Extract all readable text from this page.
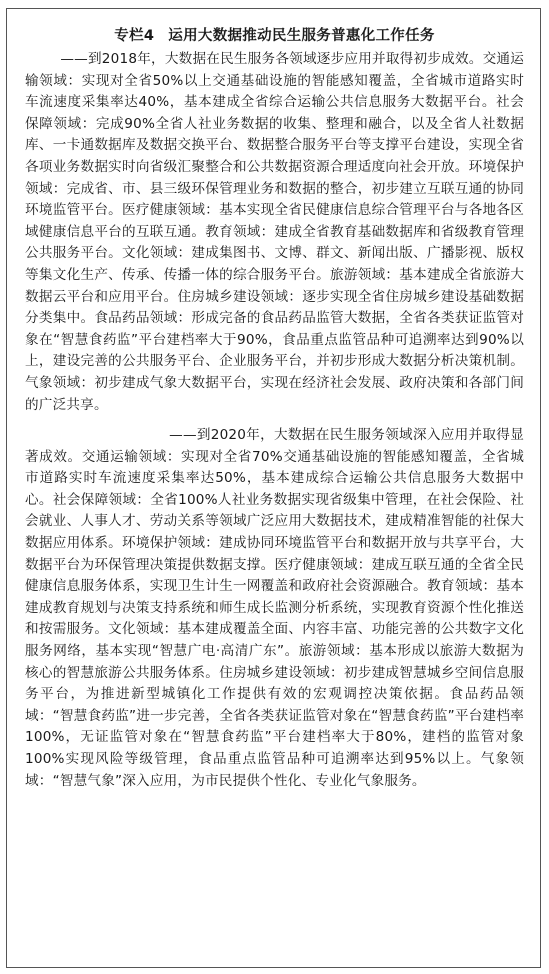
专栏4 运用大数据推动民生服务普惠化工作任务

——到2018年，大数据在民生服务各领域逐步应用并取得初步成效。交通运输领域：实现对全省50%以上交通基础设施的智能感知覆盖，全省城市道路实时车流速度采集率达40%，基本建成全省综合运输公共信息服务大数据平台。社会保障领域：完成90%全省人社业务数据的收集、整理和融合，以及全省人社数据库、一卡通数据库及数据交换平台、数据整合服务平台等支撑平台建设，实现全省各项业务数据实时向省级汇聚整合和公共数据资源合理适度向社会开放。环境保护领域：完成省、市、县三级环保管理业务和数据的整合，初步建立互联互通的协同环境监管平台。医疗健康领域：基本实现全省民健康信息综合管理平台与各地各区域健康信息平台的互联互通。教育领域：建成全省教育基础数据库和省级教育管理公共服务平台。文化领域：建成集图书、文博、群文、新闻出版、广播影视、版权等集文化生产、传承、传播一体的综合服务平台。旅游领域：基本建成全省旅游大数据云平台和应用平台。住房城乡建设领域：逐步实现全省住房城乡建设基础数据分类集中。食品药品领域：形成完备的食品药品监管大数据，全省各类获证监管对象在“智慧食药监”平台建档率大于90%，食品重点监管品种可追溯率达到90%以上，建设完善的公共服务平台、企业服务平台，并初步形成大数据分析决策机制。气象领域：初步建成气象大数据平台，实现在经济社会发展、政府决策和各部门间的广泛共享。

——到2020年，大数据在民生服务领域深入应用并取得显著成效。交通运输领域：实现对全省70%交通基础设施的智能感知覆盖，全省城市道路实时车流速度采集率达50%，基本建成综合运输公共信息服务大数据中心。社会保障领域：全省100%人社业务数据实现省级集中管理，在社会保险、社会就业、人事人才、劳动关系等领域广泛应用大数据技术，建成精准智能的社保大数据应用体系。环境保护领域：建成协同环境监管平台和数据开放与共享平台，大数据平台为环保管理决策提供数据支撑。医疗健康领域：建成互联互通的全省全民健康信息服务体系，实现卫生计生一网覆盖和政府社会资源融合。教育领域：基本建成教育规划与决策支持系统和师生成长监测分析系统，实现教育资源个性化推送和按需服务。文化领域：基本建成覆盖全面、内容丰富、功能完善的公共数字文化服务网络，基本实现“智慧广电·高清广东”。旅游领域：基本形成以旅游大数据为核心的智慧旅游公共服务体系。住房城乡建设领域：初步建成智慧城乡空间信息服务平台，为推进新型城镇化工作提供有效的宏观调控决策依据。食品药品领域：“智慧食药监”进一步完善，全省各类获证监管对象在“智慧食药监”平台建档率100%，无证监管对象在“智慧食药监”平台建档率大于80%，建档的监管对象100%实现风险等级管理，食品重点监管品种可追溯率达到95%以上。气象领域：“智慧气象”深入应用，为市民提供个性化、专业化气象服务。
